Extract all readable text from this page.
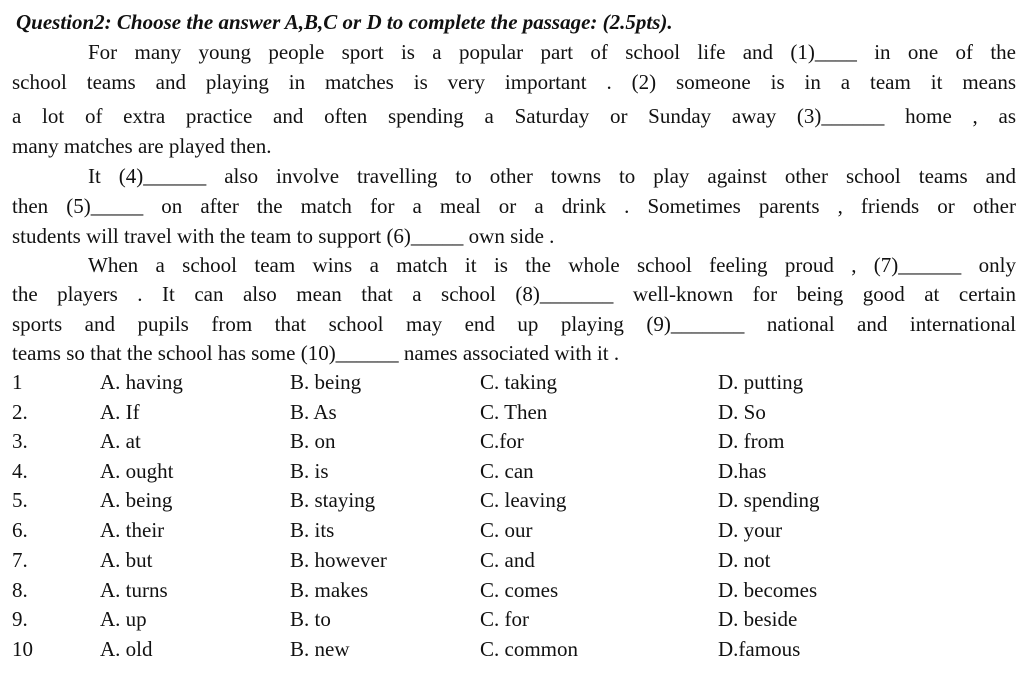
Question2: Choose the answer A,B,C or D to complete the passage: (2.5pts).
For many young people sport is a popular part of school life and (1)____ in one of the
school teams and playing in matches is very important . (2) someone is in a team it means
a lot of extra practice and often spending a Saturday or Sunday away (3)______ home , as
many matches are played then.
It (4)______ also involve travelling to other towns to play against other school teams and
then (5)_____ on after the match for a meal or a drink . Sometimes parents , friends or other
students will travel with the team to support (6)_____ own side .
When a school team wins a match it is the whole school feeling proud , (7)______ only
the players . It can also mean that a school (8)_______ well-known for being good at certain
sports and pupils from that school may end up playing (9)_______ national and international
teams so that the school has some (10)______ names associated with it .
1	A. having	B. being	C. taking	D. putting
2.	A. If	B. As	C. Then	D. So
3.	A. at	B. on	C.for	D. from
4.	A. ought	B. is	C. can	D.has
5.	A. being	B. staying	C. leaving	D. spending
6.	A. their	B. its	C. our	D. your
7.	A. but	B. however	C. and	D. not
8.	A. turns	B. makes	C. comes	D. becomes
9.	A. up	B. to	C. for	D. beside
10	A. old	B. new	C. common	D.famous
